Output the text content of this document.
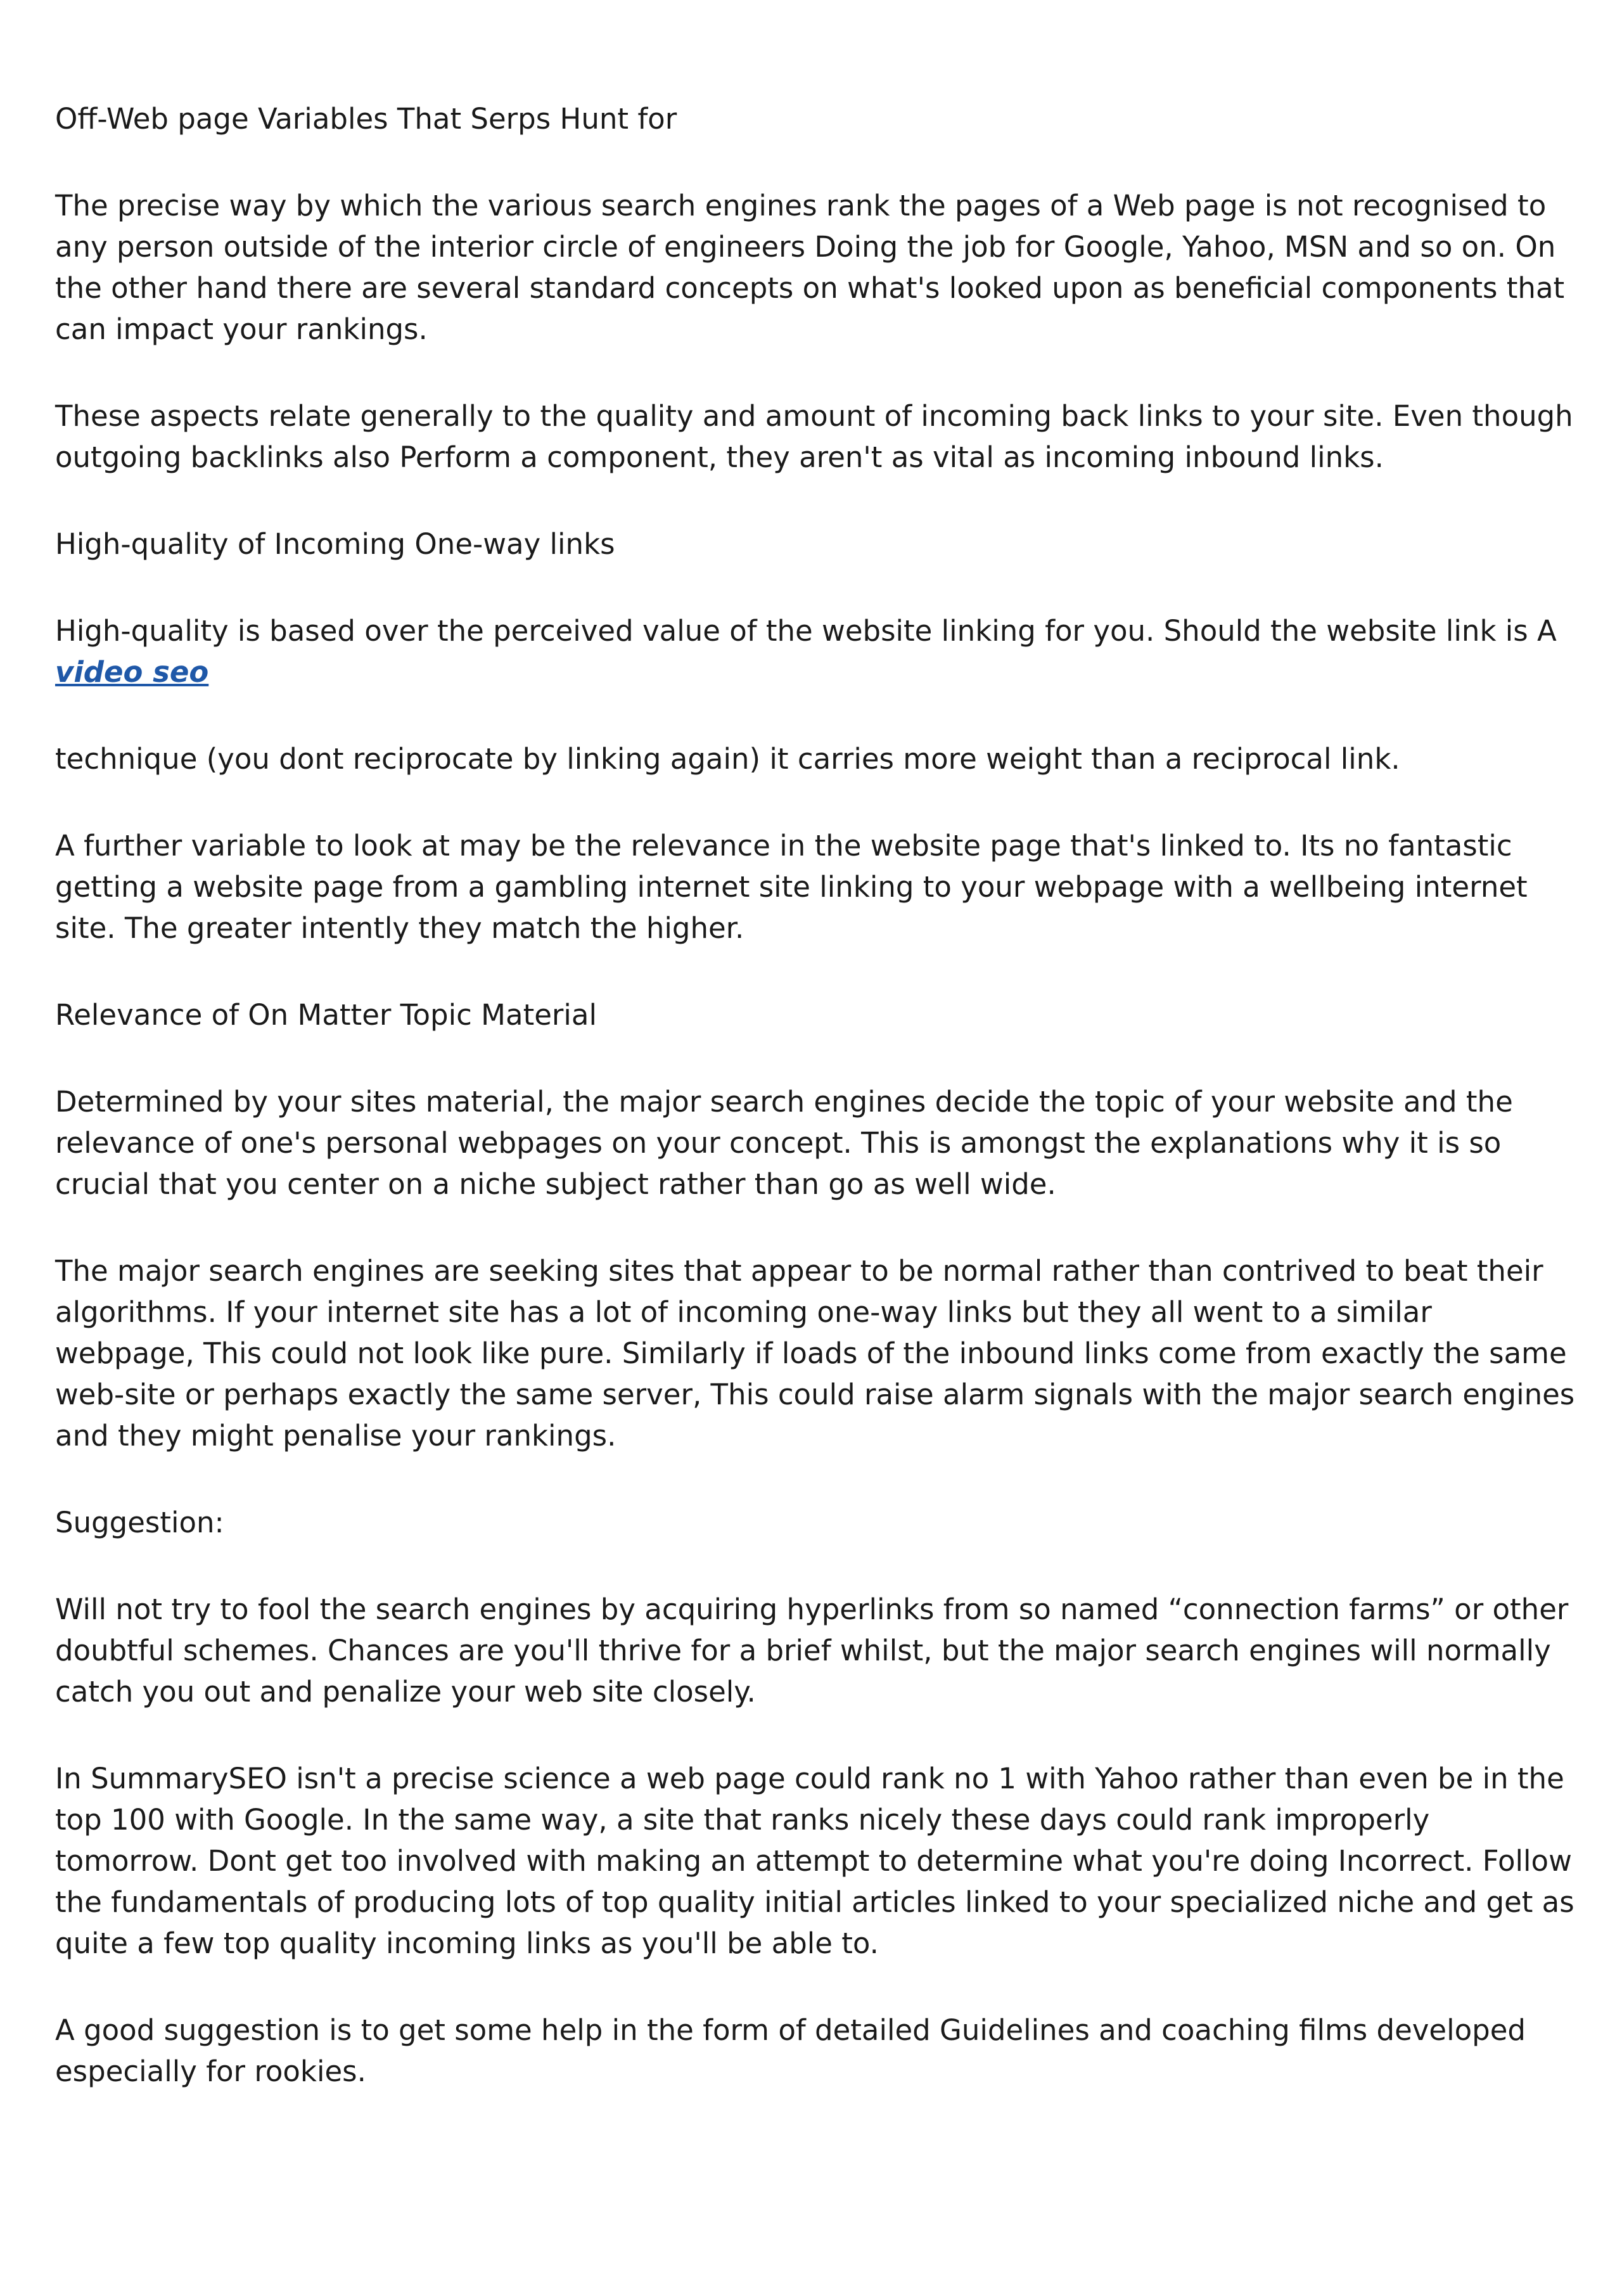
Off-Web page Variables That Serps Hunt for

The precise way by which the various search engines rank the pages of a Web page is not recognised to any person outside of the interior circle of engineers Doing the job for Google, Yahoo, MSN and so on. On the other hand there are several standard concepts on what's looked upon as beneficial components that can impact your rankings.

These aspects relate generally to the quality and amount of incoming back links to your site. Even though outgoing backlinks also Perform a component, they aren't as vital as incoming inbound links.

High-quality of Incoming One-way links

High-quality is based over the perceived value of the website linking for you. Should the website link is A video seo

technique (you dont reciprocate by linking again) it carries more weight than a reciprocal link.

A further variable to look at may be the relevance in the website page that's linked to. Its no fantastic getting a website page from a gambling internet site linking to your webpage with a wellbeing internet site. The greater intently they match the higher.

Relevance of On Matter Topic Material

Determined by your sites material, the major search engines decide the topic of your website and the relevance of one's personal webpages on your concept. This is amongst the explanations why it is so crucial that you center on a niche subject rather than go as well wide.

The major search engines are seeking sites that appear to be normal rather than contrived to beat their algorithms. If your internet site has a lot of incoming one-way links but they all went to a similar webpage, This could not look like pure. Similarly if loads of the inbound links come from exactly the same web-site or perhaps exactly the same server, This could raise alarm signals with the major search engines and they might penalise your rankings.

Suggestion:

Will not try to fool the search engines by acquiring hyperlinks from so named “connection farms” or other doubtful schemes. Chances are you'll thrive for a brief whilst, but the major search engines will normally catch you out and penalize your web site closely.

In SummarySEO isn't a precise science a web page could rank no 1 with Yahoo rather than even be in the top 100 with Google. In the same way, a site that ranks nicely these days could rank improperly tomorrow. Dont get too involved with making an attempt to determine what you're doing Incorrect. Follow the fundamentals of producing lots of top quality initial articles linked to your specialized niche and get as quite a few top quality incoming links as you'll be able to.

A good suggestion is to get some help in the form of detailed Guidelines and coaching films developed especially for rookies.
